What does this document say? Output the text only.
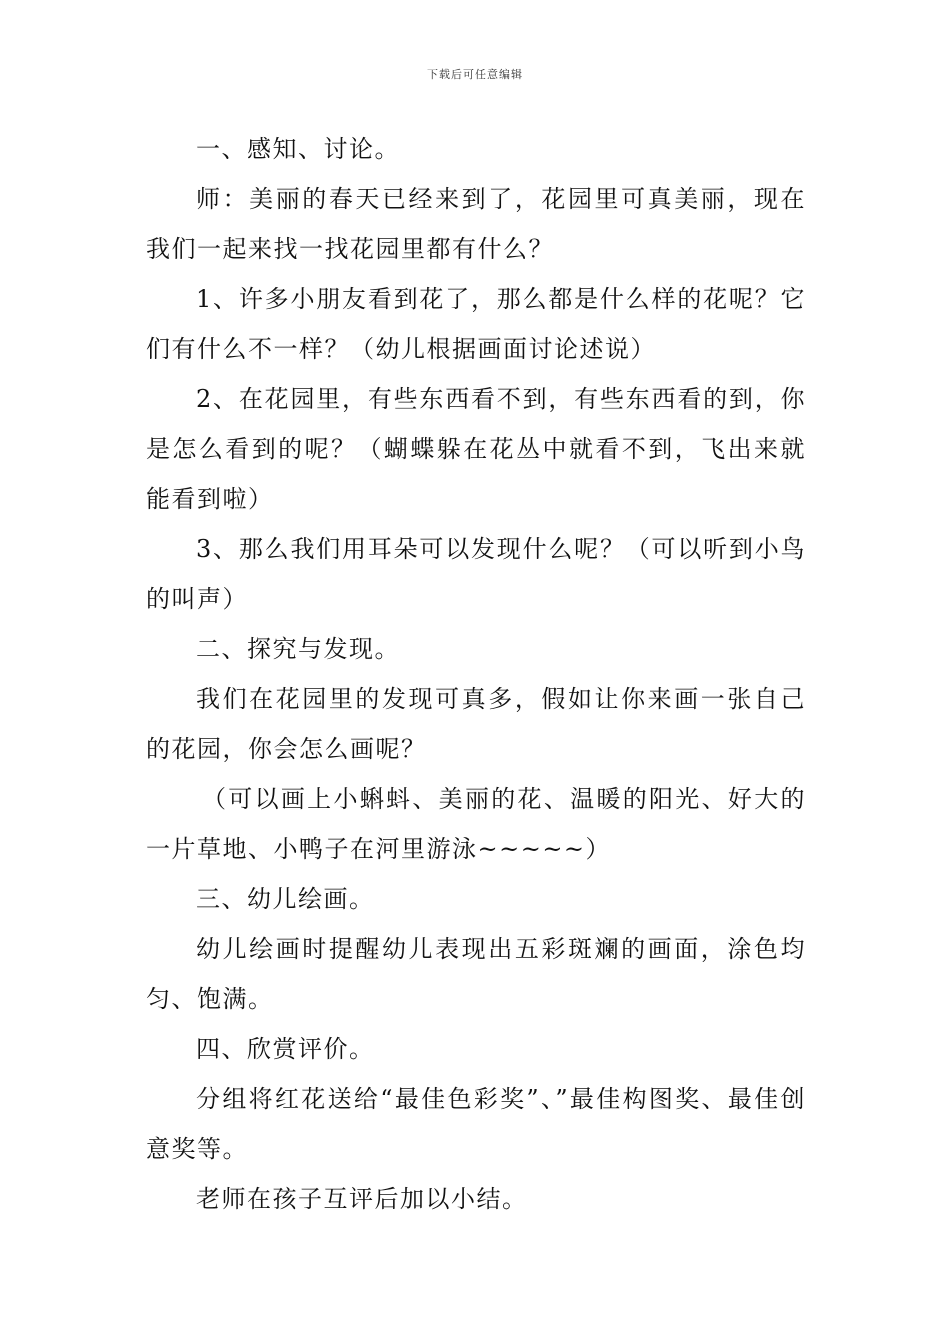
下载后可任意编辑

一、感知、讨论。

师：美丽的春天已经来到了，花园里可真美丽，现在我们一起来找一找花园里都有什么？

1、许多小朋友看到花了，那么都是什么样的花呢？它们有什么不一样？（幼儿根据画面讨论述说）

2、在花园里，有些东西看不到，有些东西看的到，你是怎么看到的呢？（蝴蝶躲在花丛中就看不到，飞出来就能看到啦）

3、那么我们用耳朵可以发现什么呢？（可以听到小鸟的叫声）

二、探究与发现。

我们在花园里的发现可真多，假如让你来画一张自己的花园，你会怎么画呢？

（可以画上小蝌蚪、美丽的花、温暖的阳光、好大的一片草地、小鸭子在河里游泳~~~~~）

三、幼儿绘画。

幼儿绘画时提醒幼儿表现出五彩斑斓的画面，涂色均匀、饱满。

四、欣赏评价。

分组将红花送给“最佳色彩奖”、”最佳构图奖、最佳创意奖等。

老师在孩子互评后加以小结。
